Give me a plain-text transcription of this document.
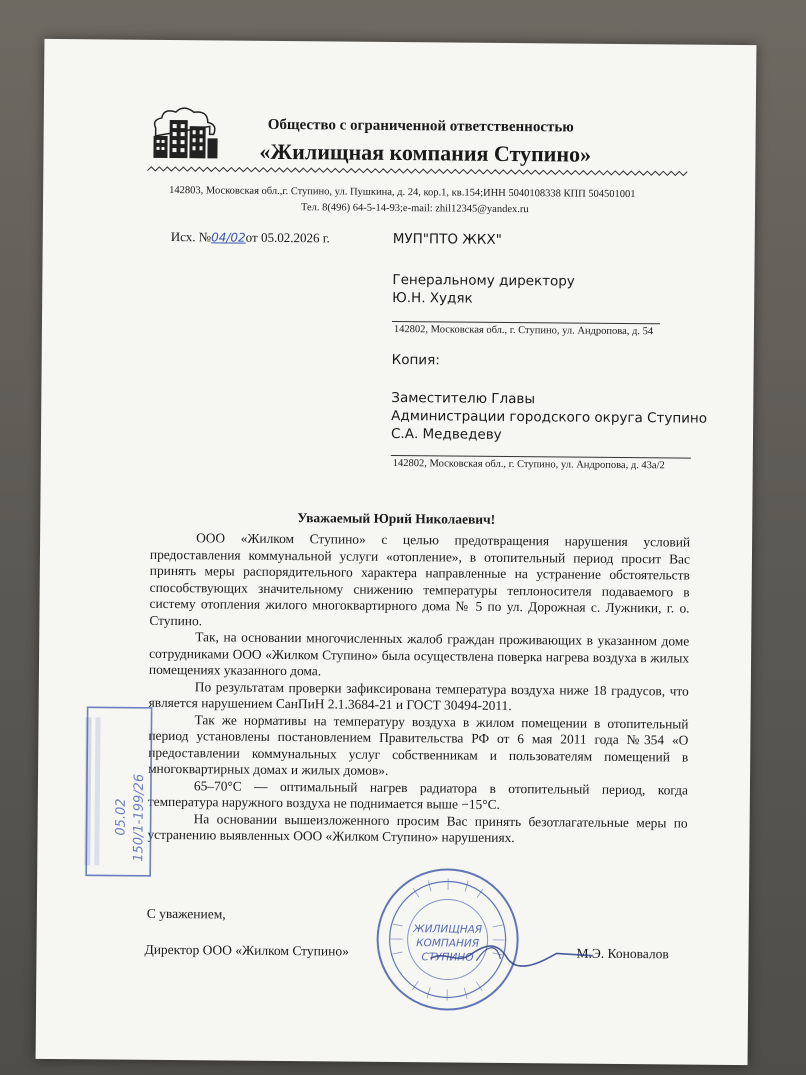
Общество с ограниченной ответственностью
«Жилищная компания Ступино»
142803, Московская обл.,г. Ступино, ул. Пушкина, д. 24, кор.1, кв.154;ИНН 5040108338 КПП 504501001
Тел. 8(496) 64-5-14-93;e-mail: zhil12345@yandex.ru
Исх. №04/02от 05.02.2026 г.	МУП"ПТО ЖКХ"
Генеральному директору
Ю.Н. Худяк
142802, Московская обл., г. Ступино, ул. Андропова, д. 54
Копия:
Заместителю Главы
Администрации городского округа Ступино
С.А. Медведеву
142802, Московская обл., г. Ступино, ул. Андропова, д. 43а/2
Уважаемый Юрий Николаевич!

ООО «Жилком Ступино» с целью предотвращения нарушения условий предоставления коммунальной услуги «отопление», в отопительный период просит Вас принять меры распорядительного характера направленные на устранение обстоятельств способствующих значительному снижению температуры теплоносителя подаваемого в систему отопления жилого многоквартирного дома № 5 по ул. Дорожная с. Лужники, г. о. Ступино.

Так, на основании многочисленных жалоб граждан проживающих в указанном доме сотрудниками ООО «Жилком Ступино» была осуществлена поверка нагрева воздуха в жилых помещениях указанного дома.

По результатам проверки зафиксирована температура воздуха ниже 18 градусов, что является нарушением СанПиН 2.1.3684-21 и ГОСТ 30494-2011.

Так же нормативы на температуру воздуха в жилом помещении в отопительный период установлены постановлением Правительства РФ от 6 мая 2011 года №354 «О предоставлении коммунальных услуг собственникам и пользователям помещений в многоквартирных домах и жилых домов».

65–70°C — оптимальный нагрев радиатора в отопительный период, когда температура наружного воздуха не поднимается выше −15°C.

На основании вышеизложенного просим Вас принять безотлагательные меры по устранению выявленных ООО «Жилком Ступино» нарушениях.

С уважением,
Директор ООО «Жилком Ступино»	М.Э. Коновалов
ЖИЛИЩНАЯ
КОМПАНИЯ
СТУПИНО
05.02 150/1-199/26
